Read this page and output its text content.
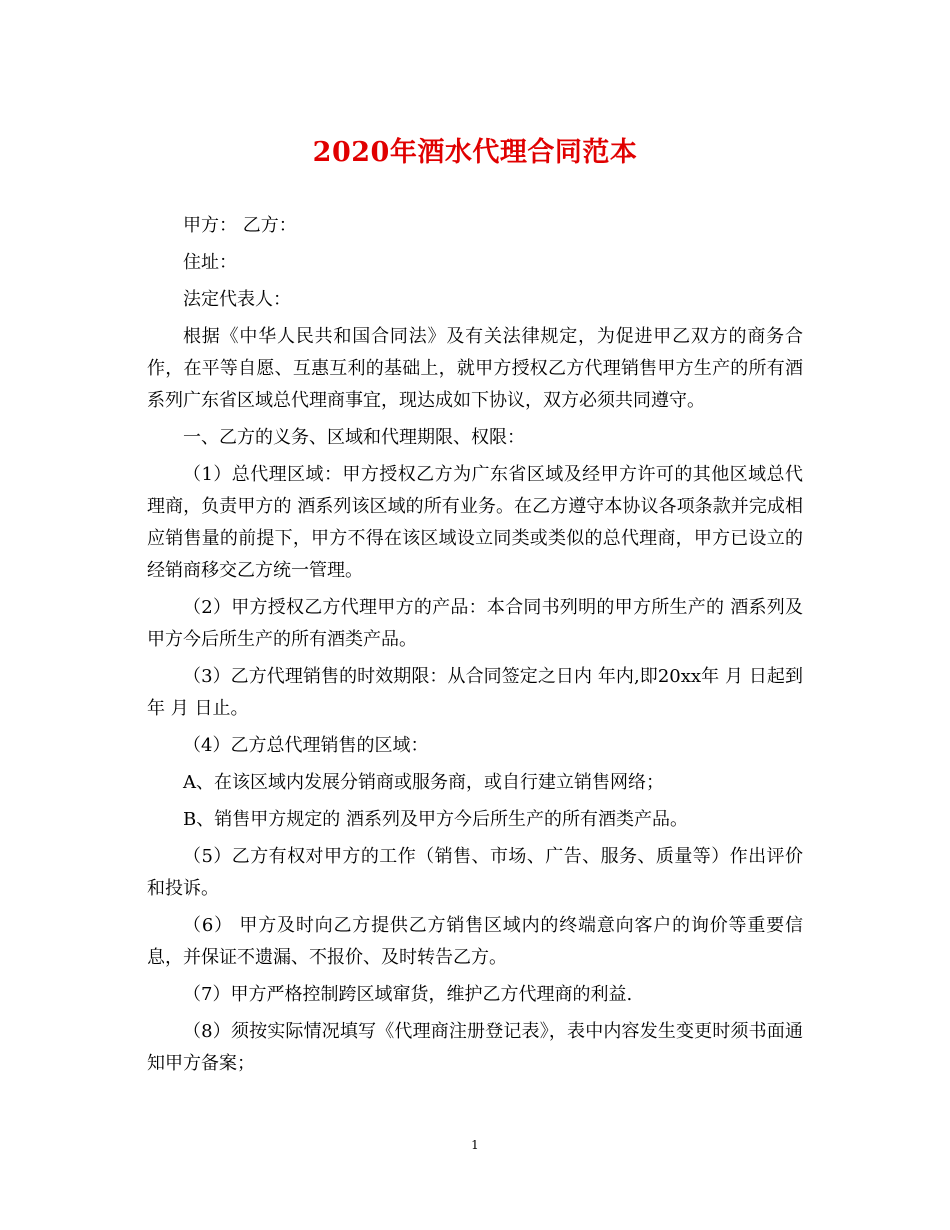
2020年酒水代理合同范本

甲方： 乙方：

住址：

法定代表人：

根据《中华人民共和国合同法》及有关法律规定，为促进甲乙双方的商务合作，在平等自愿、互惠互利的基础上，就甲方授权乙方代理销售甲方生产的所有酒系列广东省区域总代理商事宜，现达成如下协议，双方必须共同遵守。

一、乙方的义务、区域和代理期限、权限：

（1）总代理区域：甲方授权乙方为广东省区域及经甲方许可的其他区域总代理商，负责甲方的 酒系列该区域的所有业务。在乙方遵守本协议各项条款并完成相应销售量的前提下，甲方不得在该区域设立同类或类似的总代理商，甲方已设立的经销商移交乙方统一管理。

（2）甲方授权乙方代理甲方的产品：本合同书列明的甲方所生产的 酒系列及甲方今后所生产的所有酒类产品。

（3）乙方代理销售的时效期限：从合同签定之日内 年内,即20xx年 月 日起到年 月 日止。

（4）乙方总代理销售的区域：

A、在该区域内发展分销商或服务商，或自行建立销售网络；

B、销售甲方规定的 酒系列及甲方今后所生产的所有酒类产品。

（5）乙方有权对甲方的工作（销售、市场、广告、服务、质量等）作出评价和投诉。

（6） 甲方及时向乙方提供乙方销售区域内的终端意向客户的询价等重要信息，并保证不遗漏、不报价、及时转告乙方。

（7）甲方严格控制跨区域窜货，维护乙方代理商的利益.

（8）须按实际情况填写《代理商注册登记表》，表中内容发生变更时须书面通知甲方备案；

1
